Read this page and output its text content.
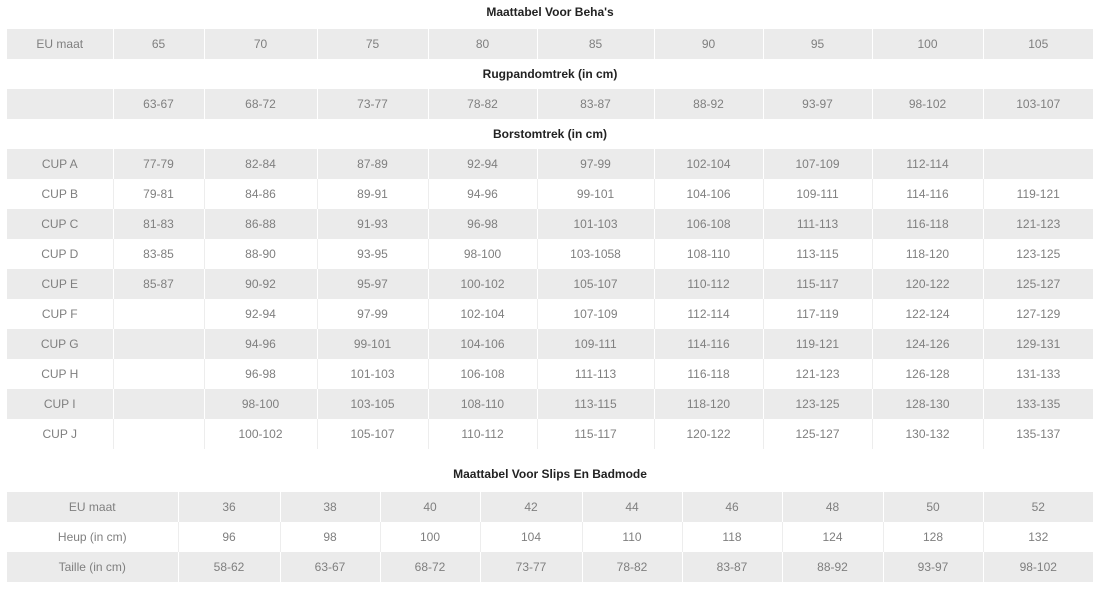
Maattabel Voor Beha's
EU maat	65	70	75	80	85	90	95	100	105
Rugpandomtrek (in cm)									
	63-67	68-72	73-77	78-82	83-87	88-92	93-97	98-102	103-107
Borstomtrek (in cm)									
CUP A	77-79	82-84	87-89	92-94	97-99	102-104	107-109	112-114	
CUP B	79-81	84-86	89-91	94-96	99-101	104-106	109-111	114-116	119-121
CUP C	81-83	86-88	91-93	96-98	101-103	106-108	111-113	116-118	121-123
CUP D	83-85	88-90	93-95	98-100	103-1058	108-110	113-115	118-120	123-125
CUP E	85-87	90-92	95-97	100-102	105-107	110-112	115-117	120-122	125-127
CUP F		92-94	97-99	102-104	107-109	112-114	117-119	122-124	127-129
CUP G		94-96	99-101	104-106	109-111	114-116	119-121	124-126	129-131
CUP H		96-98	101-103	106-108	111-113	116-118	121-123	126-128	131-133
CUP I		98-100	103-105	108-110	113-115	118-120	123-125	128-130	133-135
CUP J		100-102	105-107	110-112	115-117	120-122	125-127	130-132	135-137
Maattabel Voor Slips En Badmode
EU maat	36	38	40	42	44	46	48	50	52
Heup (in cm)	96	98	100	104	110	118	124	128	132
Taille (in cm)	58-62	63-67	68-72	73-77	78-82	83-87	88-92	93-97	98-102
